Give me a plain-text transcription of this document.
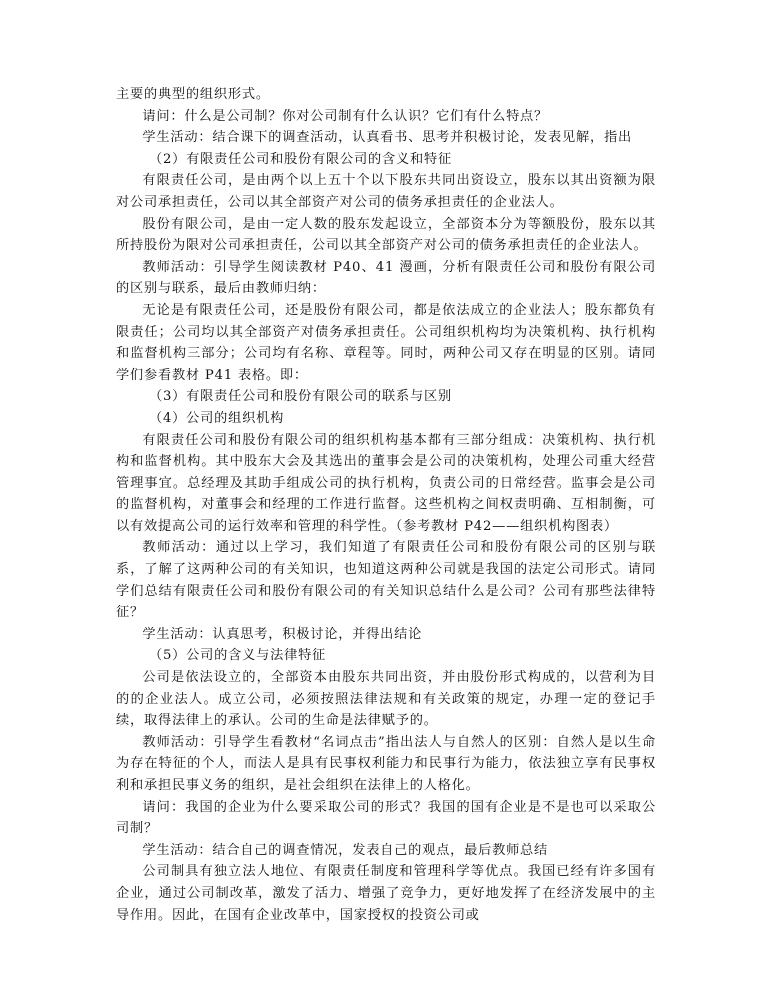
主要的典型的组织形式。

请问：什么是公司制？你对公司制有什么认识？它们有什么特点？

学生活动：结合课下的调查活动，认真看书、思考并积极讨论，发表见解，指出

（2）有限责任公司和股份有限公司的含义和特征

有限责任公司，是由两个以上五十个以下股东共同出资设立，股东以其出资额为限对公司承担责任，公司以其全部资产对公司的债务承担责任的企业法人。

股份有限公司，是由一定人数的股东发起设立，全部资本分为等额股份，股东以其所持股份为限对公司承担责任，公司以其全部资产对公司的债务承担责任的企业法人。

教师活动：引导学生阅读教材 P40、41 漫画，分析有限责任公司和股份有限公司的区别与联系，最后由教师归纳：

无论是有限责任公司，还是股份有限公司，都是依法成立的企业法人；股东都负有限责任；公司均以其全部资产对债务承担责任。公司组织机构均为决策机构、执行机构和监督机构三部分；公司均有名称、章程等。同时，两种公司又存在明显的区别。请同学们参看教材 P41 表格。即：

（3）有限责任公司和股份有限公司的联系与区别

（4）公司的组织机构

有限责任公司和股份有限公司的组织机构基本都有三部分组成：决策机构、执行机构和监督机构。其中股东大会及其选出的董事会是公司的决策机构，处理公司重大经营管理事宜。总经理及其助手组成公司的执行机构，负责公司的日常经营。监事会是公司的监督机构，对董事会和经理的工作进行监督。这些机构之间权责明确、互相制衡，可以有效提高公司的运行效率和管理的科学性。（参考教材 P42——组织机构图表）

教师活动：通过以上学习，我们知道了有限责任公司和股份有限公司的区别与联系，了解了这两种公司的有关知识，也知道这两种公司就是我国的法定公司形式。请同学们总结有限责任公司和股份有限公司的有关知识总结什么是公司？公司有那些法律特征？

学生活动：认真思考，积极讨论，并得出结论

（5）公司的含义与法律特征

公司是依法设立的，全部资本由股东共同出资，并由股份形式构成的，以营利为目的的企业法人。成立公司，必须按照法律法规和有关政策的规定，办理一定的登记手续，取得法律上的承认。公司的生命是法律赋予的。

教师活动：引导学生看教材“名词点击”指出法人与自然人的区别：自然人是以生命为存在特征的个人，而法人是具有民事权利能力和民事行为能力，依法独立享有民事权利和承担民事义务的组织，是社会组织在法律上的人格化。

请问：我国的企业为什么要采取公司的形式？我国的国有企业是不是也可以采取公司制？

学生活动：结合自己的调查情况，发表自己的观点，最后教师总结

公司制具有独立法人地位、有限责任制度和管理科学等优点。我国已经有许多国有企业，通过公司制改革，激发了活力、增强了竞争力，更好地发挥了在经济发展中的主导作用。因此，在国有企业改革中，国家授权的投资公司或
